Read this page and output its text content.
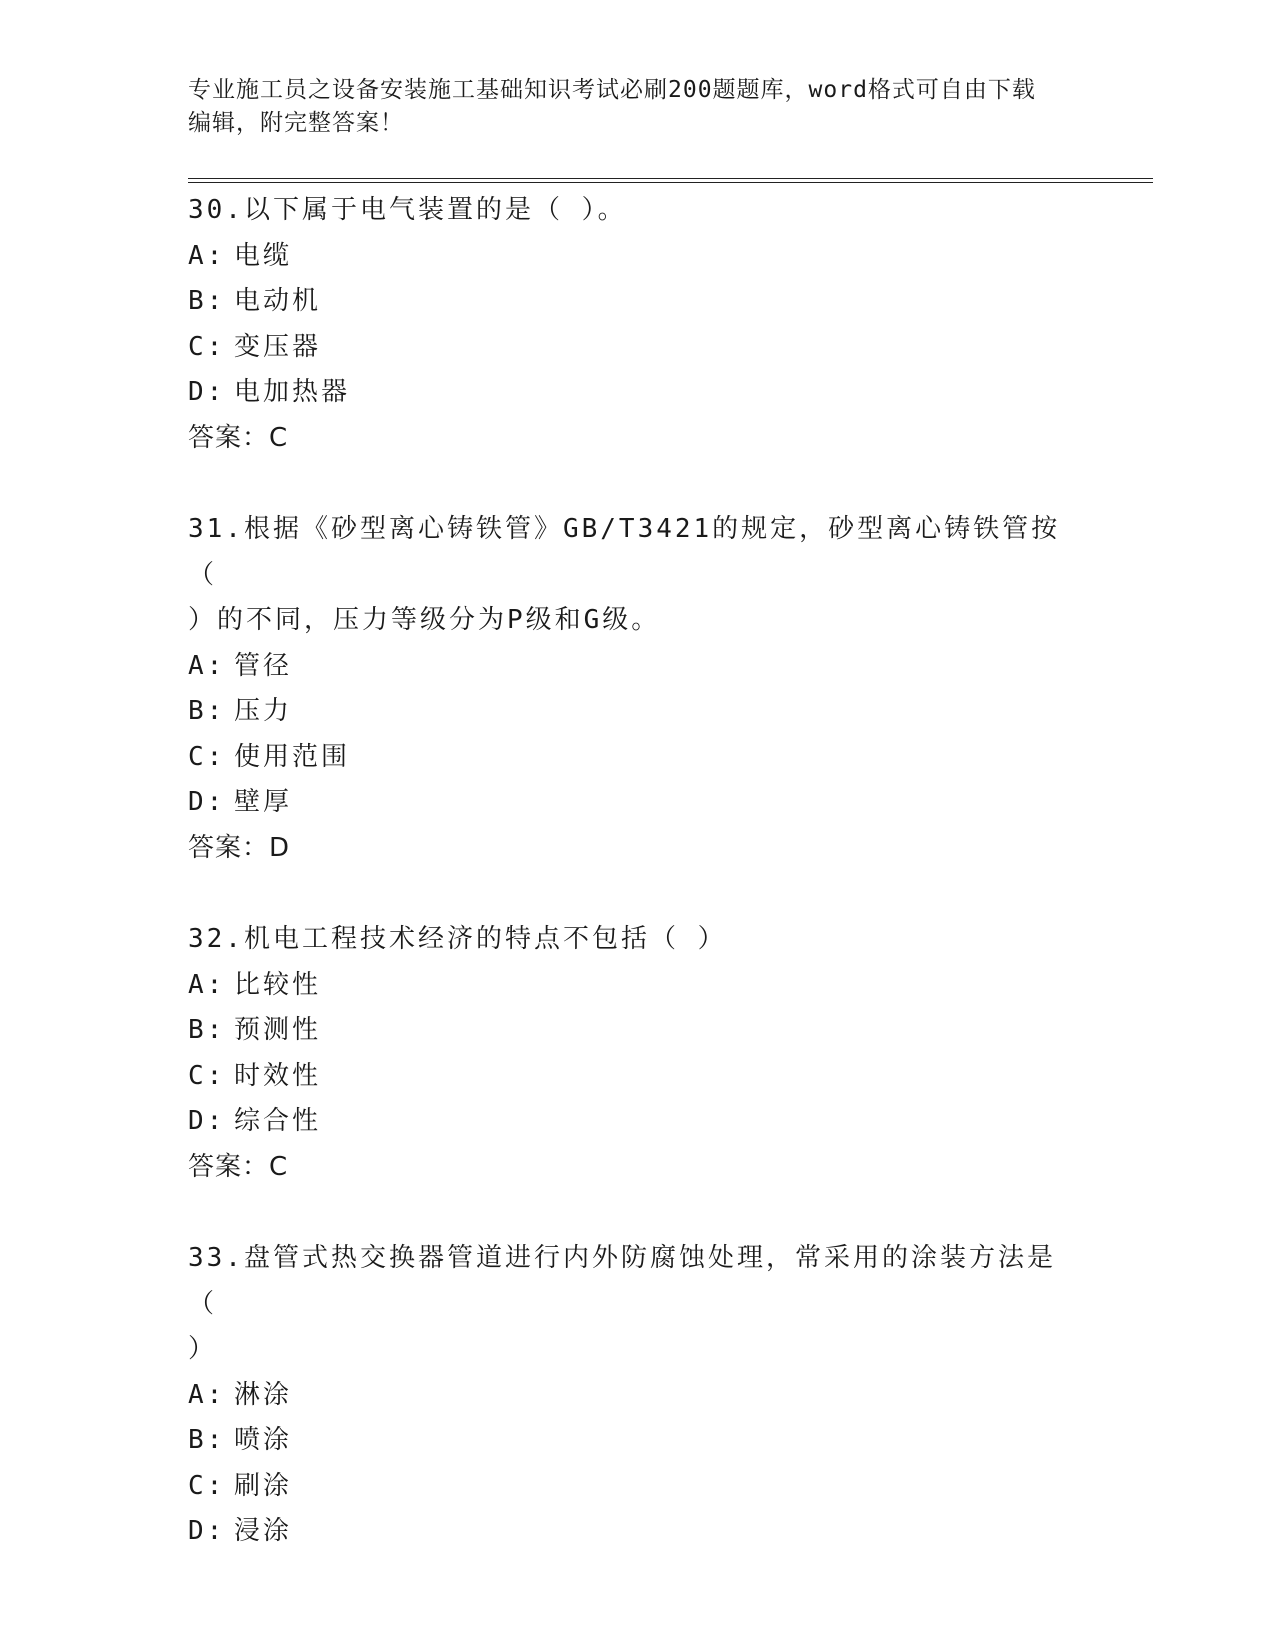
专业施工员之设备安装施工基础知识考试必刷200题题库，word格式可自由下载
编辑，附完整答案！
30.以下属于电气装置的是（ ）。
A: 电缆
B: 电动机
C: 变压器
D: 电加热器
答案：C
31.根据《砂型离心铸铁管》GB/T3421的规定，砂型离心铸铁管按（
）的不同，压力等级分为P级和G级。
A: 管径
B: 压力
C: 使用范围
D: 壁厚
答案：D
32.机电工程技术经济的特点不包括（ ）
A: 比较性
B: 预测性
C: 时效性
D: 综合性
答案：C
33.盘管式热交换器管道进行内外防腐蚀处理，常采用的涂装方法是（
）
A: 淋涂
B: 喷涂
C: 刷涂
D: 浸涂
